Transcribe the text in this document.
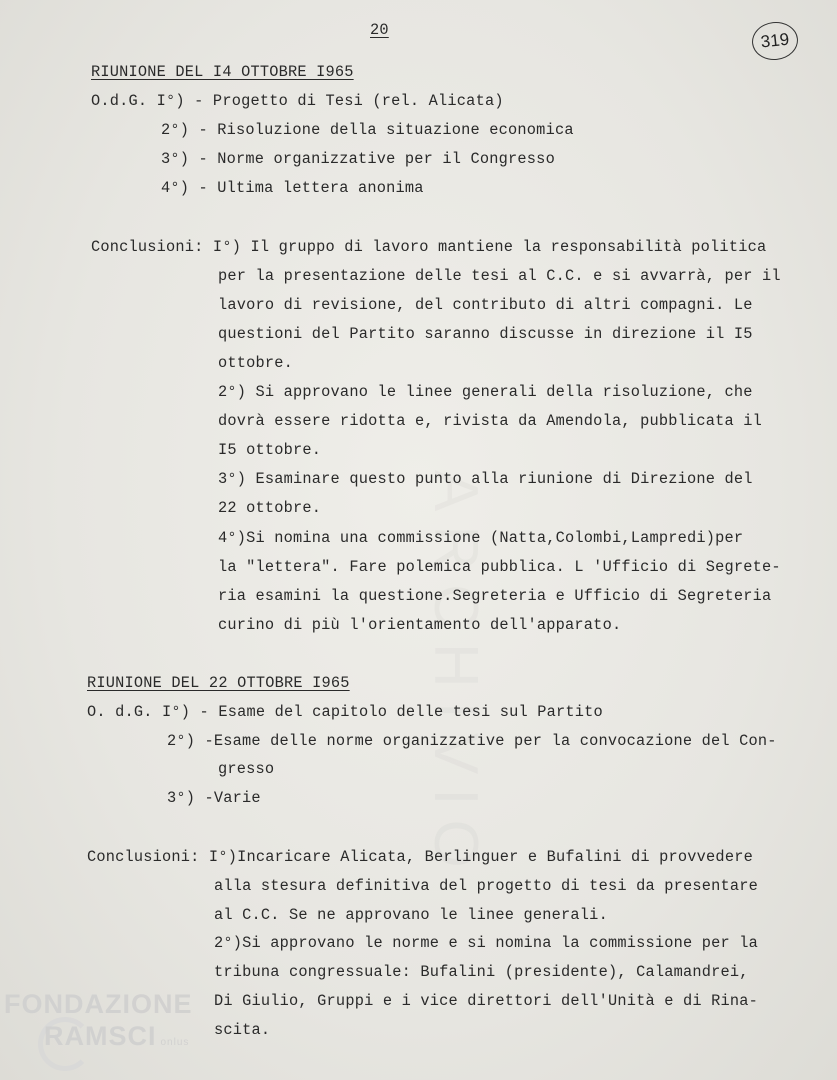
ARCHIVIO
20	319
RIUNIONE DEL I4 OTTOBRE I965
O.d.G. I°) - Progetto di Tesi (rel. Alicata)
2°) - Risoluzione della situazione economica
3°) - Norme organizzative per il Congresso
4°) - Ultima lettera anonima
Conclusioni: I°) Il gruppo di lavoro mantiene la responsabilità politica
per la presentazione delle tesi al C.C. e si avvarrà, per il
lavoro di revisione, del contributo di altri compagni. Le
questioni del Partito saranno discusse in direzione il I5
ottobre.
2°) Si approvano le linee generali della risoluzione, che
dovrà essere ridotta e, rivista da Amendola, pubblicata il
I5 ottobre.
3°) Esaminare questo punto alla riunione di Direzione del
22 ottobre.
4°)Si nomina una commissione (Natta,Colombi,Lampredi)per
la "lettera". Fare polemica pubblica. L 'Ufficio di Segrete-
ria esamini la questione.Segreteria e Ufficio di Segreteria
curino di più l'orientamento dell'apparato.
RIUNIONE DEL 22 OTTOBRE I965
O. d.G. I°) - Esame del capitolo delle tesi sul Partito
2°) -Esame delle norme organizzative per la convocazione del Con-
gresso
3°) -Varie
Conclusioni: I°)Incaricare Alicata, Berlinguer e Bufalini di provvedere
alla stesura definitiva del progetto di tesi da presentare
al C.C. Se ne approvano le linee generali.
2°)Si approvano le norme e si nomina la commissione per la
tribuna congressuale: Bufalini (presidente), Calamandrei,
Di Giulio, Gruppi e i vice direttori dell'Unità e di Rina-
scita.
FONDAZIONE
RAMSCI onlus
